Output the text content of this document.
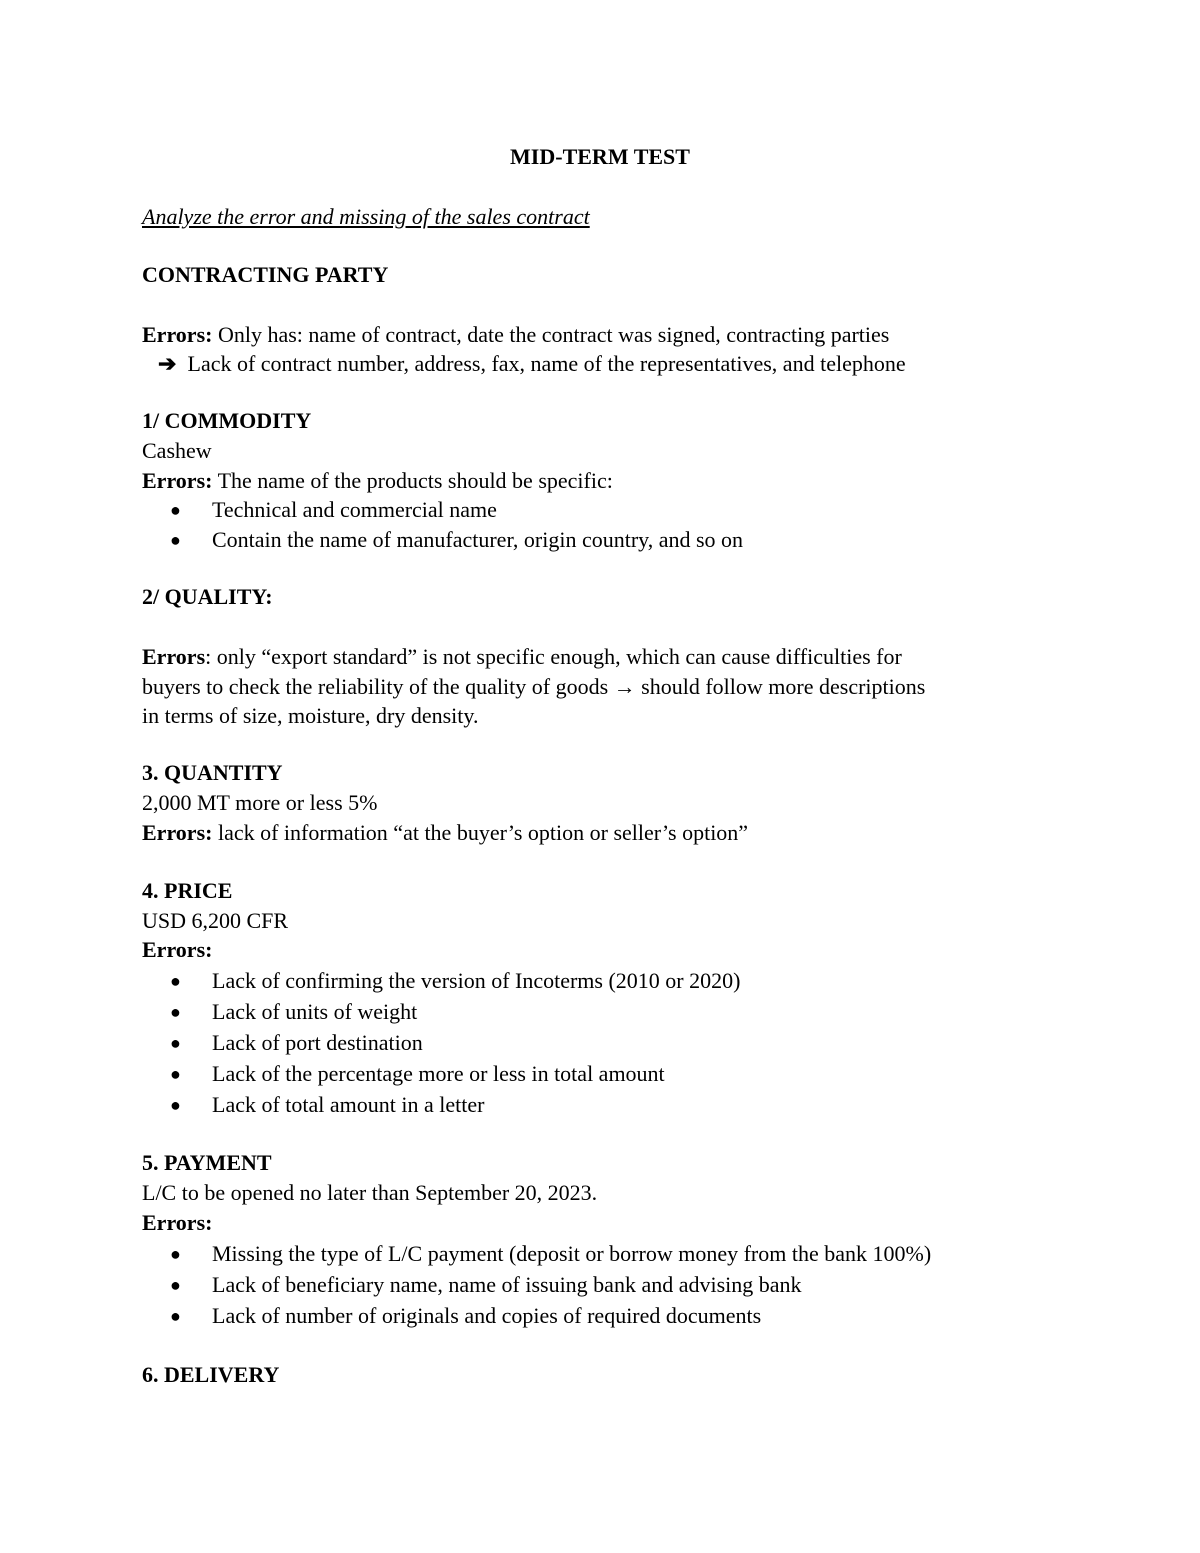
MID-TERM TEST
Analyze the error and missing of the sales contract
CONTRACTING PARTY
Errors: Only has: name of contract, date the contract was signed, contracting parties
➔ Lack of contract number, address, fax, name of the representatives, and telephone
1/ COMMODITY
Cashew
Errors: The name of the products should be specific:
●	Technical and commercial name
●	Contain the name of manufacturer, origin country, and so on
2/ QUALITY:
Errors: only “export standard” is not specific enough, which can cause difficulties for
buyers to check the reliability of the quality of goods → should follow more descriptions
in terms of size, moisture, dry density.
3. QUANTITY
2,000 MT more or less 5%
Errors: lack of information “at the buyer’s option or seller’s option”
4. PRICE
USD 6,200 CFR
Errors:
●	Lack of confirming the version of Incoterms (2010 or 2020)
●	Lack of units of weight
●	Lack of port destination
●	Lack of the percentage more or less in total amount
●	Lack of total amount in a letter
5. PAYMENT
L/C to be opened no later than September 20, 2023.
Errors:
●	Missing the type of L/C payment (deposit or borrow money from the bank 100%)
●	Lack of beneficiary name, name of issuing bank and advising bank
●	Lack of number of originals and copies of required documents
6. DELIVERY
